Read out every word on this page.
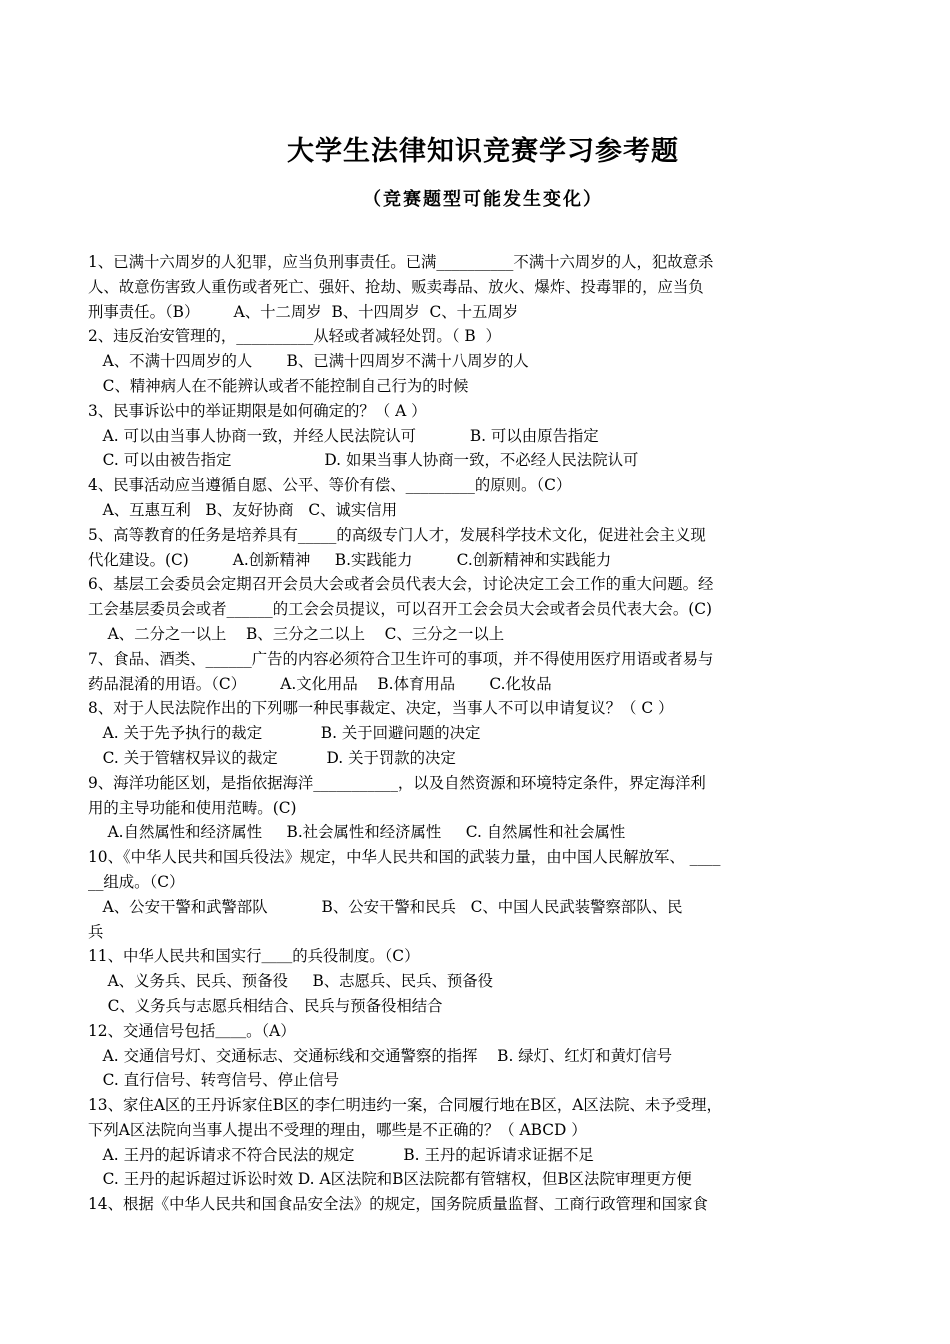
大学生法律知识竞赛学习参考题
（竞赛题型可能发生变化）
1、已满十六周岁的人犯罪，应当负刑事责任。已满__________不满十六周岁的人，犯故意杀
人、故意伤害致人重伤或者死亡、强奸、抢劫、贩卖毒品、放火、爆炸、投毒罪的，应当负
刑事责任。（B）       A、十二周岁  B、十四周岁  C、十五周岁
2、违反治安管理的，__________从轻或者减轻处罚。（ B  ）
A、不满十四周岁的人       B、已满十四周岁不满十八周岁的人
C、精神病人在不能辨认或者不能控制自己行为的时候
3、民事诉讼中的举证期限是如何确定的？（ A ）
A. 可以由当事人协商一致，并经人民法院认可           B. 可以由原告指定
C. 可以由被告指定                   D. 如果当事人协商一致，不必经人民法院认可
4、民事活动应当遵循自愿、公平、等价有偿、_________的原则。（C）
A、互惠互利   B、友好协商   C、诚实信用
5、高等教育的任务是培养具有_____的高级专门人才，发展科学技术文化，促进社会主义现
代化建设。(C)         A.创新精神     B.实践能力         C.创新精神和实践能力
6、基层工会委员会定期召开会员大会或者会员代表大会，讨论决定工会工作的重大问题。经
工会基层委员会或者______的工会会员提议，可以召开工会会员大会或者会员代表大会。(C)
A、二分之一以上    B、三分之二以上    C、三分之一以上
7、食品、酒类、______广告的内容必须符合卫生许可的事项，并不得使用医疗用语或者易与
药品混淆的用语。（C）       A.文化用品    B.体育用品       C.化妆品
8、对于人民法院作出的下列哪一种民事裁定、决定，当事人不可以申请复议？（ C ）
A. 关于先予执行的裁定            B. 关于回避问题的决定
C. 关于管辖权异议的裁定          D. 关于罚款的决定
9、海洋功能区划，是指依据海洋___________，以及自然资源和环境特定条件，界定海洋利
用的主导功能和使用范畴。(C)
A.自然属性和经济属性     B.社会属性和经济属性     C. 自然属性和社会属性
10、《中华人民共和国兵役法》规定，中华人民共和国的武装力量，由中国人民解放军、 ____
__组成。（C）
A、公安干警和武警部队           B、公安干警和民兵   C、中国人民武装警察部队、民
兵
11、中华人民共和国实行＿＿的兵役制度。（C）
A、义务兵、民兵、预备役     B、志愿兵、民兵、预备役
C、义务兵与志愿兵相结合、民兵与预备役相结合
12、交通信号包括＿＿。（A）
A. 交通信号灯、交通标志、交通标线和交通警察的指挥    B. 绿灯、红灯和黄灯信号
C. 直行信号、转弯信号、停止信号
13、家住A区的王丹诉家住B区的李仁明违约一案，合同履行地在B区，A区法院、未予受理，
下列A区法院向当事人提出不受理的理由，哪些是不正确的？（ ABCD ）
A. 王丹的起诉请求不符合民法的规定          B. 王丹的起诉请求证据不足
C. 王丹的起诉超过诉讼时效 D. A区法院和B区法院都有管辖权，但B区法院审理更方便
14、根据《中华人民共和国食品安全法》的规定，国务院质量监督、工商行政管理和国家食
